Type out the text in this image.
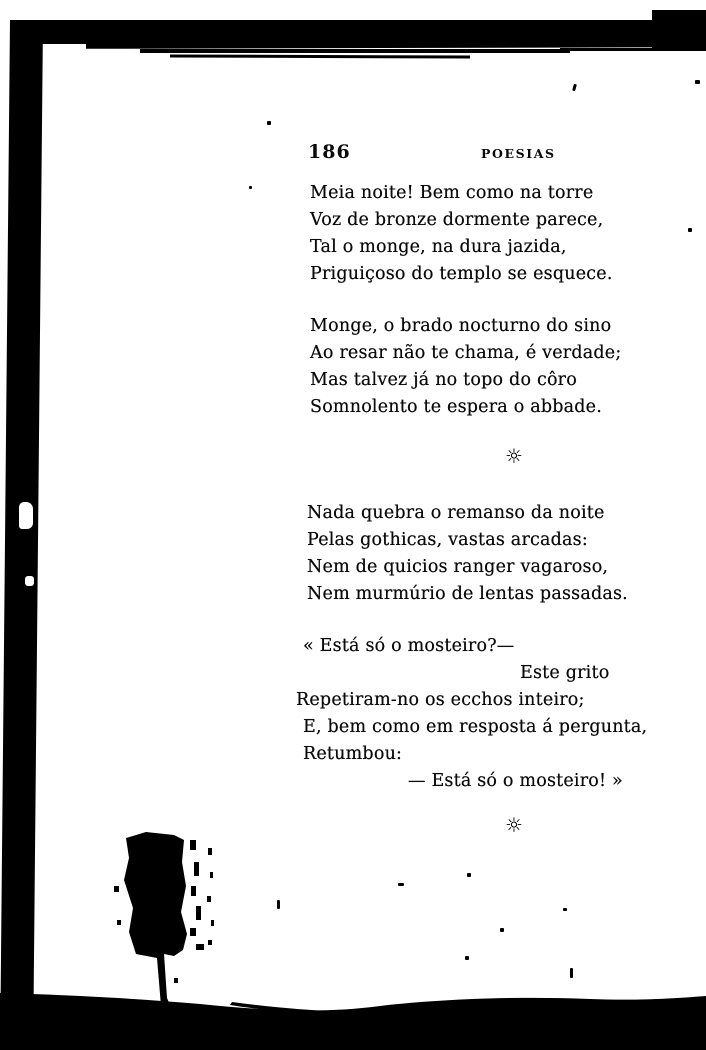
186	POESIAS
Meia noite! Bem como na torre
Voz de bronze dormente parece,
Tal o monge, na dura jazida,
Priguiçoso do templo se esquece.
Monge, o brado nocturno do sino
Ao resar não te chama, é verdade;
Mas talvez já no topo do côro
Somnolento te espera o abbade.
☼
Nada quebra o remanso da noite
Pelas gothicas, vastas arcadas:
Nem de quicios ranger vagaroso,
Nem murmúrio de lentas passadas.
« Está só o mosteiro?—
Este grito
Repetiram-no os ecchos inteiro;
E, bem como em resposta á pergunta,
Retumbou:
— Está só o mosteiro! »
☼
